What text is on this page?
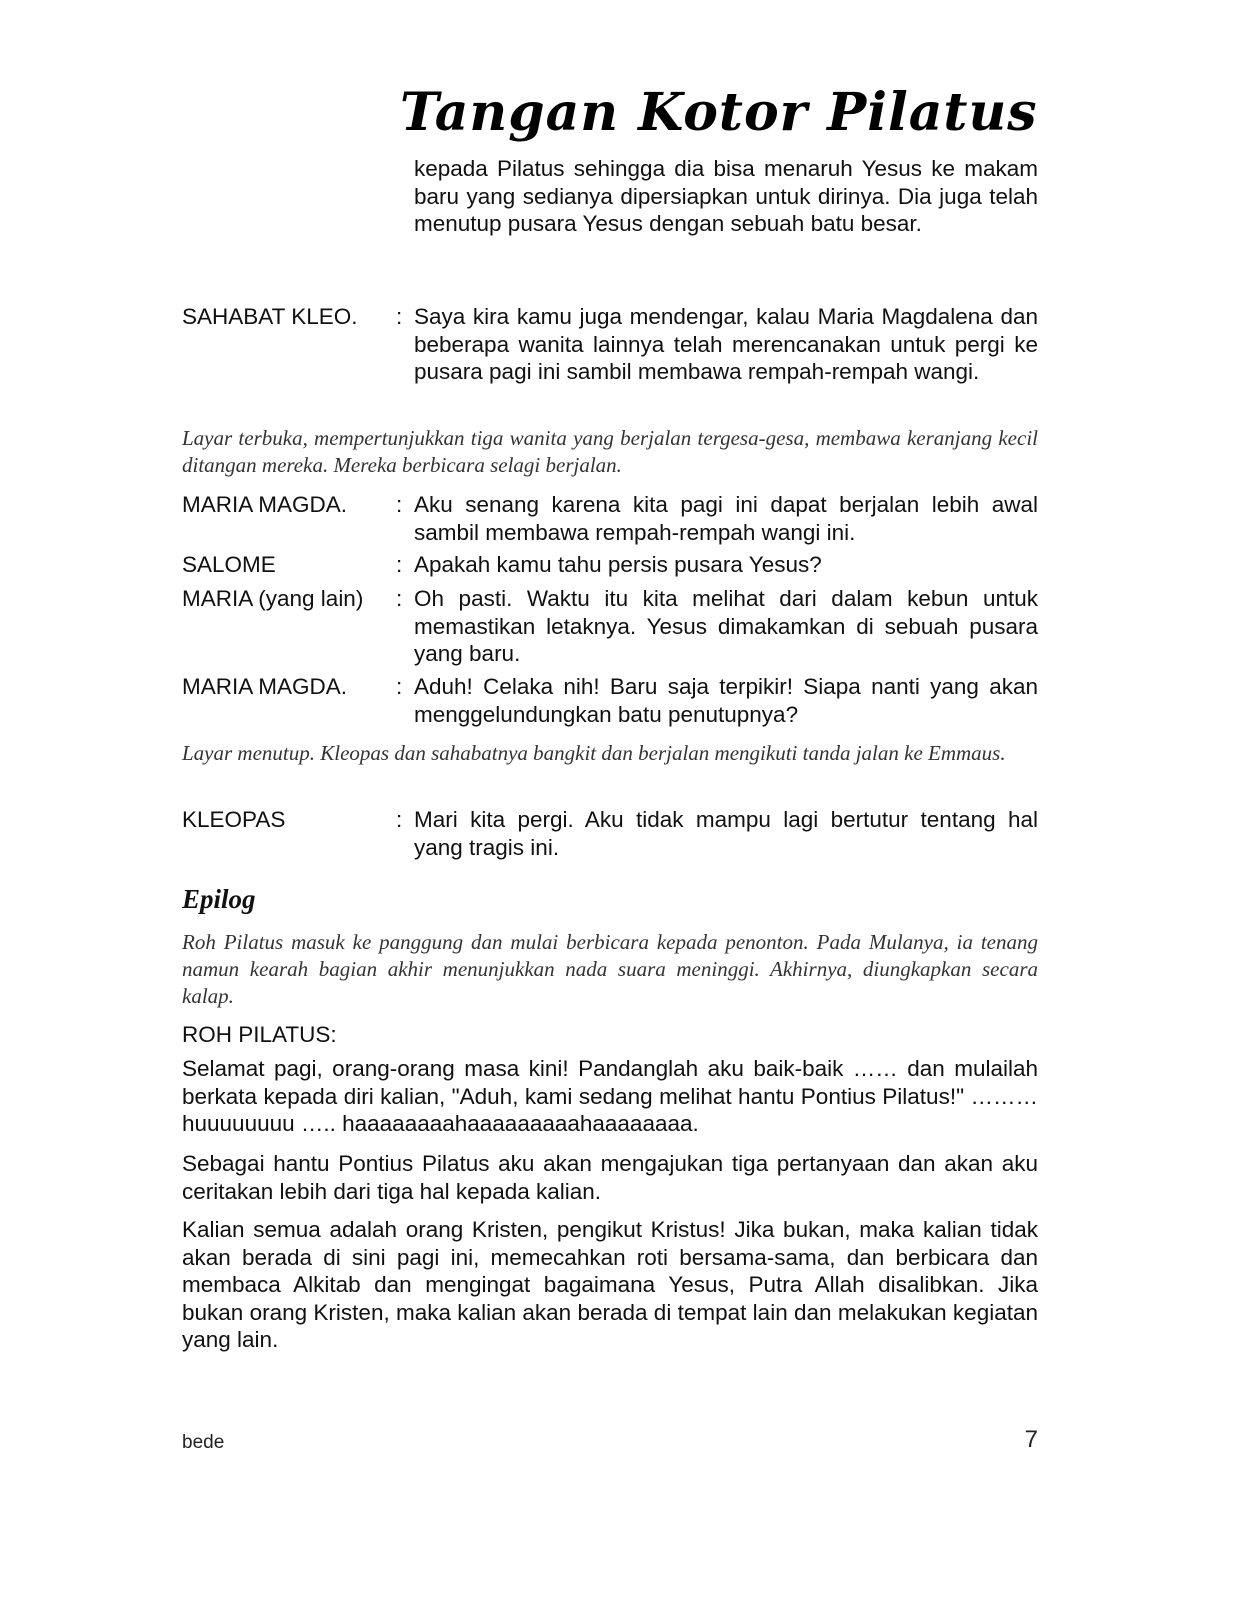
Tangan Kotor Pilatus
kepada Pilatus sehingga dia bisa menaruh Yesus ke makam baru yang sedianya dipersiapkan untuk dirinya. Dia juga telah menutup pusara Yesus dengan sebuah batu besar.
SAHABAT KLEO. : Saya kira kamu juga mendengar, kalau Maria Magdalena dan beberapa wanita lainnya telah merencanakan untuk pergi ke pusara pagi ini sambil membawa rempah-rempah wangi.
Layar terbuka, mempertunjukkan tiga wanita yang berjalan tergesa-gesa, membawa keranjang kecil ditangan mereka. Mereka berbicara selagi berjalan.
MARIA MAGDA. : Aku senang karena kita pagi ini dapat berjalan lebih awal sambil membawa rempah-rempah wangi ini.
SALOME	: Apakah kamu tahu persis pusara Yesus?
MARIA (yang lain) : Oh pasti. Waktu itu kita melihat dari dalam kebun untuk memastikan letaknya. Yesus dimakamkan di sebuah pusara yang baru.
MARIA MAGDA. : Aduh! Celaka nih! Baru saja terpikir! Siapa nanti yang akan menggelundungkan batu penutupnya?
Layar menutup. Kleopas dan sahabatnya bangkit dan berjalan mengikuti tanda jalan ke Emmaus.
KLEOPAS	: Mari kita pergi. Aku tidak mampu lagi bertutur tentang hal yang tragis ini.
Epilog
Roh Pilatus masuk ke panggung dan mulai berbicara kepada penonton. Pada Mulanya, ia tenang namun kearah bagian akhir menunjukkan nada suara meninggi. Akhirnya, diungkapkan secara kalap.
ROH PILATUS:
Selamat pagi, orang-orang masa kini! Pandanglah aku baik-baik …… dan mulailah berkata kepada diri kalian, "Aduh, kami sedang melihat hantu Pontius Pilatus!" ……… huuuuuuuu ….. haaaaaaaahaaaaaaaaahaaaaaaaa.
Sebagai hantu Pontius Pilatus aku akan mengajukan tiga pertanyaan dan akan aku ceritakan lebih dari tiga hal kepada kalian.
Kalian semua adalah orang Kristen, pengikut Kristus! Jika bukan, maka kalian tidak akan berada di sini pagi ini, memecahkan roti bersama-sama, dan berbicara dan membaca Alkitab dan mengingat bagaimana Yesus, Putra Allah disalibkan. Jika bukan orang Kristen, maka kalian akan berada di tempat lain dan melakukan kegiatan yang lain.
bede	7
